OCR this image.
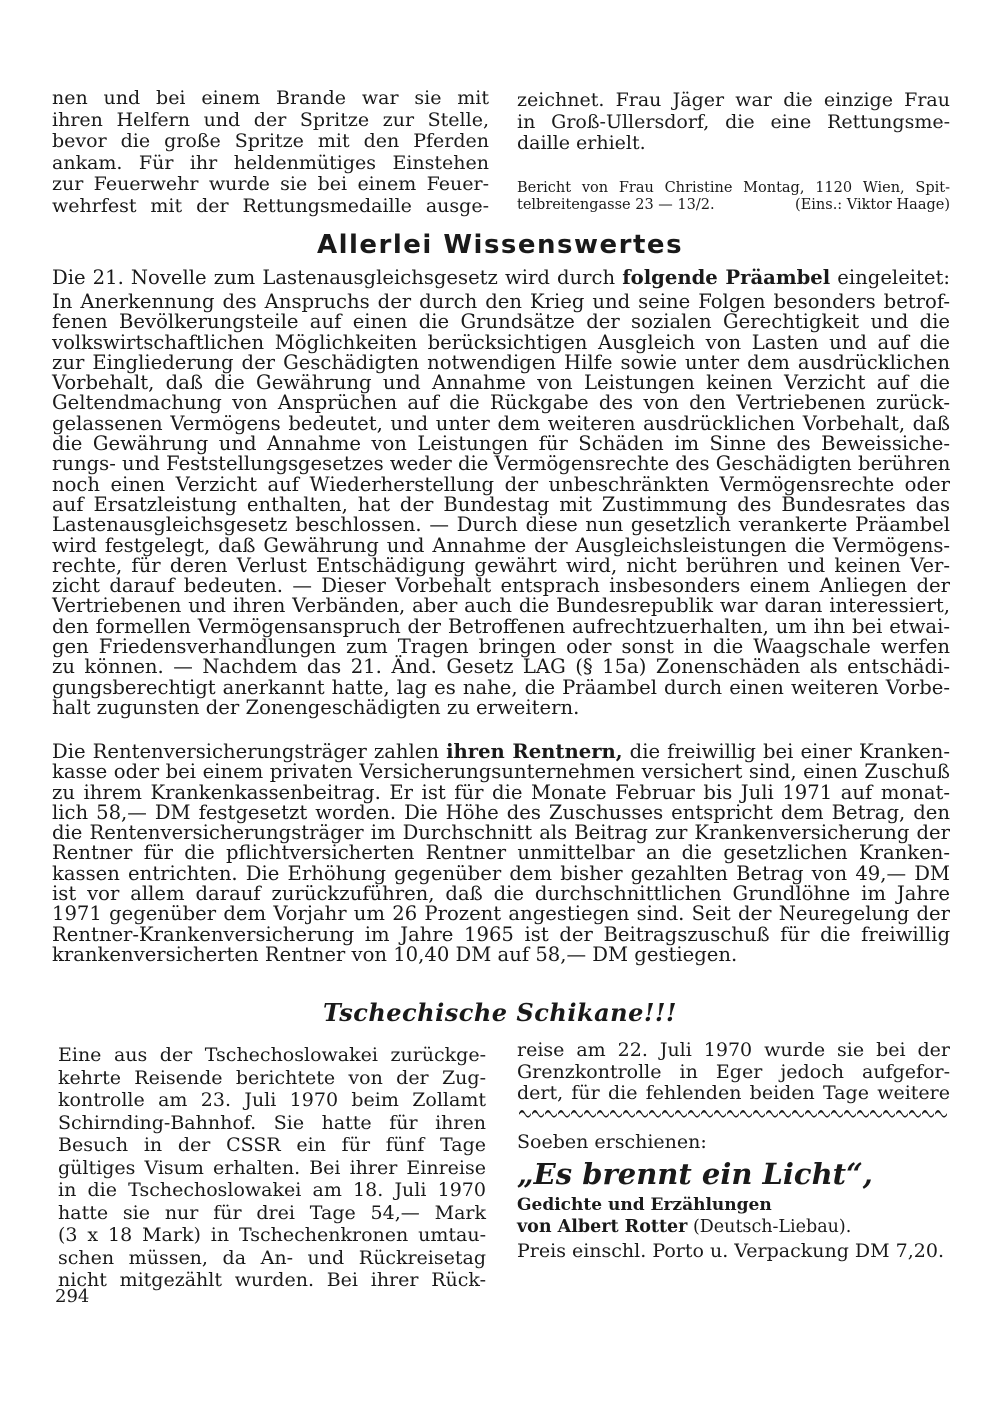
nen und bei einem Brande war sie mit
ihren Helfern und der Spritze zur Stelle,
bevor die große Spritze mit den Pferden
ankam. Für ihr heldenmütiges Einstehen
zur Feuerwehr wurde sie bei einem Feuer-
wehrfest mit der Rettungsmedaille ausge-
zeichnet. Frau Jäger war die einzige Frau
in Groß-Ullersdorf, die eine Rettungsme-
daille erhielt.
Bericht von Frau Christine Montag, 1120 Wien, Spit-
telbreitengasse 23 — 13/2.	(Eins.: Viktor Haage)
Allerlei Wissenswertes
Die 21. Novelle zum Lastenausgleichsgesetz wird durch folgende Präambel eingeleitet:
In Anerkennung des Anspruchs der durch den Krieg und seine Folgen besonders betrof-
fenen Bevölkerungsteile auf einen die Grundsätze der sozialen Gerechtigkeit und die
volkswirtschaftlichen Möglichkeiten berücksichtigen Ausgleich von Lasten und auf die
zur Eingliederung der Geschädigten notwendigen Hilfe sowie unter dem ausdrücklichen
Vorbehalt, daß die Gewährung und Annahme von Leistungen keinen Verzicht auf die
Geltendmachung von Ansprüchen auf die Rückgabe des von den Vertriebenen zurück-
gelassenen Vermögens bedeutet, und unter dem weiteren ausdrücklichen Vorbehalt, daß
die Gewährung und Annahme von Leistungen für Schäden im Sinne des Beweissiche-
rungs- und Feststellungsgesetzes weder die Vermögensrechte des Geschädigten berühren
noch einen Verzicht auf Wiederherstellung der unbeschränkten Vermögensrechte oder
auf Ersatzleistung enthalten, hat der Bundestag mit Zustimmung des Bundesrates das
Lastenausgleichsgesetz beschlossen. — Durch diese nun gesetzlich verankerte Präambel
wird festgelegt, daß Gewährung und Annahme der Ausgleichsleistungen die Vermögens-
rechte, für deren Verlust Entschädigung gewährt wird, nicht berühren und keinen Ver-
zicht darauf bedeuten. — Dieser Vorbehalt entsprach insbesonders einem Anliegen der
Vertriebenen und ihren Verbänden, aber auch die Bundesrepublik war daran interessiert,
den formellen Vermögensanspruch der Betroffenen aufrechtzuerhalten, um ihn bei etwai-
gen Friedensverhandlungen zum Tragen bringen oder sonst in die Waagschale werfen
zu können. — Nachdem das 21. Änd. Gesetz LAG (§ 15a) Zonenschäden als entschädi-
gungsberechtigt anerkannt hatte, lag es nahe, die Präambel durch einen weiteren Vorbe-
halt zugunsten der Zonengeschädigten zu erweitern.
Die Rentenversicherungsträger zahlen ihren Rentnern, die freiwillig bei einer Kranken-
kasse oder bei einem privaten Versicherungsunternehmen versichert sind, einen Zuschuß
zu ihrem Krankenkassenbeitrag. Er ist für die Monate Februar bis Juli 1971 auf monat-
lich 58,— DM festgesetzt worden. Die Höhe des Zuschusses entspricht dem Betrag, den
die Rentenversicherungsträger im Durchschnitt als Beitrag zur Krankenversicherung der
Rentner für die pflichtversicherten Rentner unmittelbar an die gesetzlichen Kranken-
kassen entrichten. Die Erhöhung gegenüber dem bisher gezahlten Betrag von 49,— DM
ist vor allem darauf zurückzuführen, daß die durchschnittlichen Grundlöhne im Jahre
1971 gegenüber dem Vorjahr um 26 Prozent angestiegen sind. Seit der Neuregelung der
Rentner-Krankenversicherung im Jahre 1965 ist der Beitragszuschuß für die freiwillig
krankenversicherten Rentner von 10,40 DM auf 58,— DM gestiegen.
Tschechische Schikane!!!
Eine aus der Tschechoslowakei zurückge-
kehrte Reisende berichtete von der Zug-
kontrolle am 23. Juli 1970 beim Zollamt
Schirnding-Bahnhof. Sie hatte für ihren
Besuch in der CSSR ein für fünf Tage
gültiges Visum erhalten. Bei ihrer Einreise
in die Tschechoslowakei am 18. Juli 1970
hatte sie nur für drei Tage 54,— Mark
(3 x 18 Mark) in Tschechenkronen umtau-
schen müssen, da An- und Rückreisetag
nicht mitgezählt wurden. Bei ihrer Rück-
reise am 22. Juli 1970 wurde sie bei der
Grenzkontrolle in Eger jedoch aufgefor-
dert, für die fehlenden beiden Tage weitere
Soeben erschienen:
„Es brennt ein Licht“,
Gedichte und Erzählungen
von Albert Rotter (Deutsch-Liebau).
Preis einschl. Porto u. Verpackung DM 7,20.
294
